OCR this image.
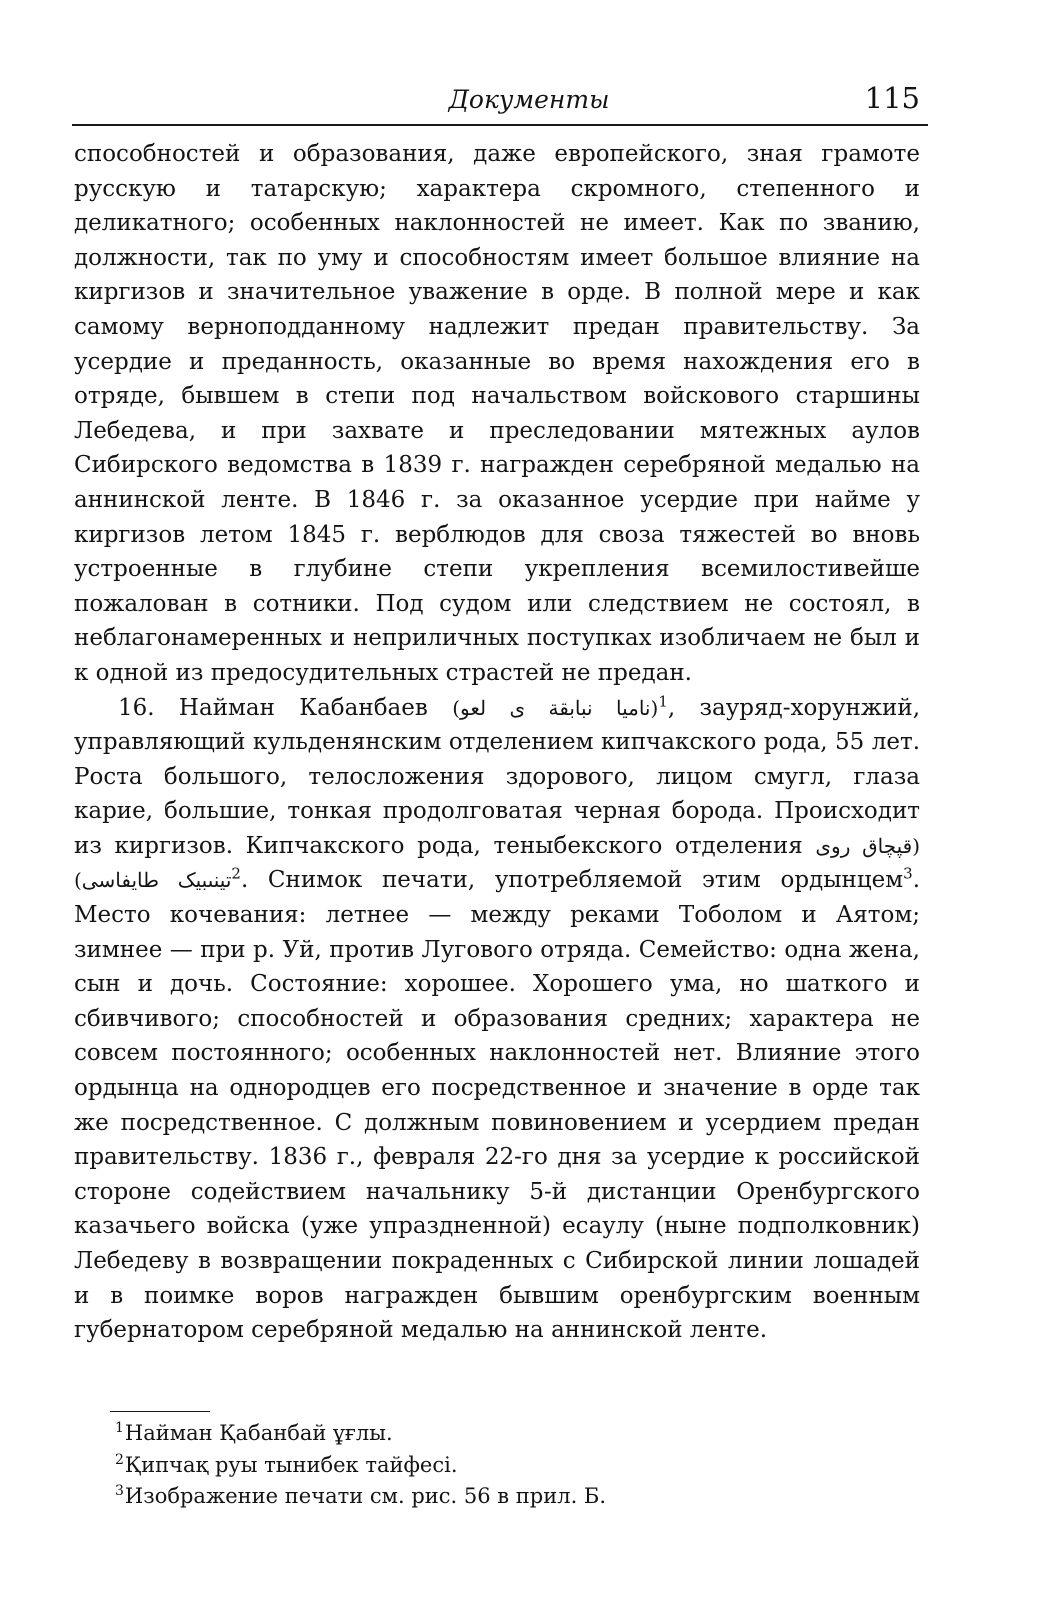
Документы	115

способностей и образования, даже европейского, зная грамоте русскую и татарскую; характера скромного, степенного и деликатного; особенных наклонностей не имеет. Как по званию, должности, так по уму и способностям имеет большое влияние на киргизов и значительное уважение в орде. В полной мере и как самому верноподданному надлежит предан правительству. За усердие и преданность, оказанные во время нахождения его в отряде, бывшем в степи под начальством войскового старшины Лебедева, и при захвате и преследовании мятежных аулов Сибирского ведомства в 1839 г. награжден серебряной медалью на аннинской ленте. В 1846 г. за оказанное усердие при найме у киргизов летом 1845 г. верблюдов для своза тяжестей во вновь устроенные в глубине степи укрепления всемилостивейше пожалован в сотники. Под судом или следствием не состоял, в неблагонамеренных и неприличных поступках изобличаем не был и к одной из предосудительных страстей не предан.

16. Найман Кабанбаев (ناميا نبابقة ى لعو)$^1$, зауряд-хорунжий, управляющий кульденянским отделением кипчакского рода, 55 лет. Роста большого, телосложения здорового, лицом смугл, глаза карие, большие, тонкая продолговатая черная борода. Происходит из киргизов. Кипчакского рода, теныбекского отделения (قپچاق روى تينىبيک طايفاسى)$^2$. Снимок печати, употребляемой этим ордынцем$^3$. Место кочевания: летнее — между реками Тоболом и Аятом; зимнее — при р. Уй, против Лугового отряда. Семейство: одна жена, сын и дочь. Состояние: хорошее. Хорошего ума, но шаткого и сбивчивого; способностей и образования средних; характера не совсем постоянного; особенных наклонностей нет. Влияние этого ордынца на однородцев его посредственное и значение в орде так же посредственное. С должным повиновением и усердием предан правительству. 1836 г., февраля 22-го дня за усердие к российской стороне содействием начальнику 5-й дистанции Оренбургского казачьего войска (уже упраздненной) есаулу (ныне подполковник) Лебедеву в возвращении покраденных с Сибирской линии лошадей и в поимке воров награжден бывшим оренбургским военным губернатором серебряной медалью на аннинской ленте.

$^1$Найман Қабанбай ұғлы.
$^2$Қипчақ руы тынибек тайфесі.
$^3$Изображение печати см. рис. 56 в прил. Б.
